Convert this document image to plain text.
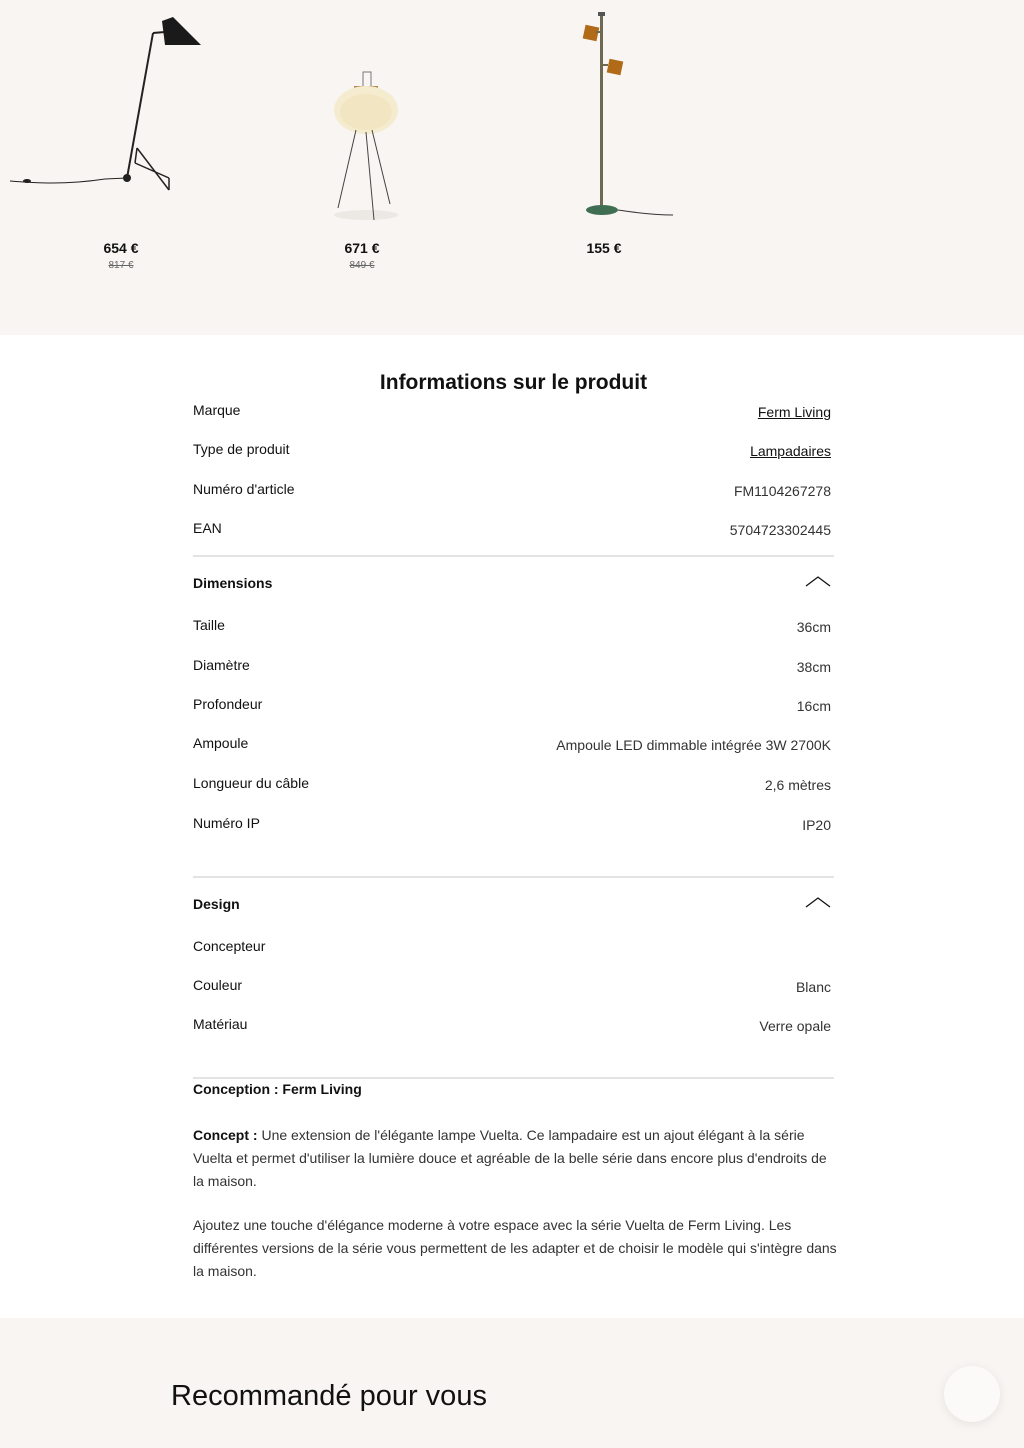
654 €
817 €
671 €
849 €
155 €
Informations sur le produit
Marque	Ferm Living
Type de produit	Lampadaires
Numéro d'article	FM1104267278
EAN	5704723302445
Dimensions
Taille	36cm
Diamètre	38cm
Profondeur	16cm
Ampoule	Ampoule LED dimmable intégrée 3W 2700K
Longueur du câble	2,6 mètres
Numéro IP	IP20
Design
Concepteur
Couleur	Blanc
Matériau	Verre opale
Conception : Ferm Living

Concept : Une extension de l'élégante lampe Vuelta. Ce lampadaire est un ajout élégant à la série Vuelta et permet d'utiliser la lumière douce et agréable de la belle série dans encore plus d'endroits de la maison.

Ajoutez une touche d'élégance moderne à votre espace avec la série Vuelta de Ferm Living. Les différentes versions de la série vous permettent de les adapter et de choisir le modèle qui s'intègre dans la maison.

Recommandé pour vous
